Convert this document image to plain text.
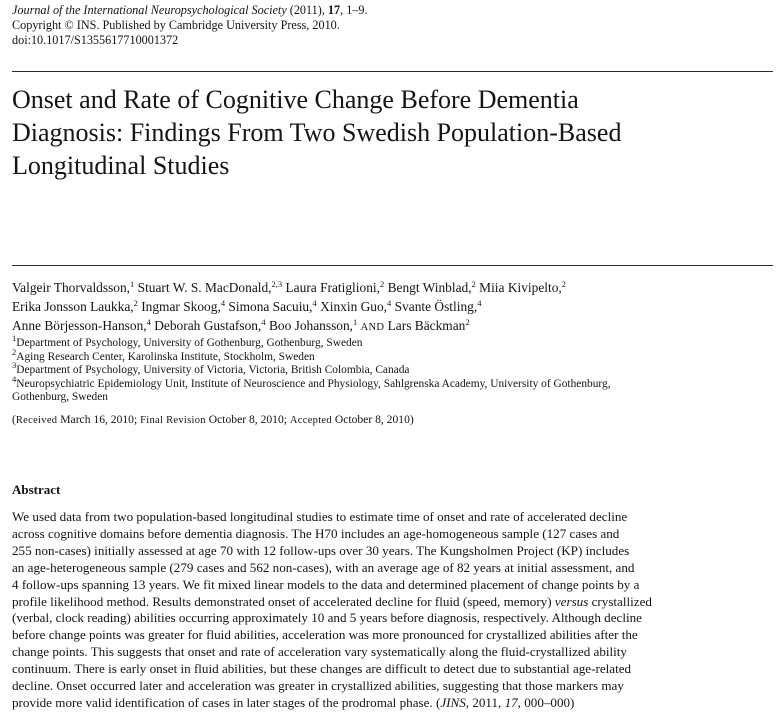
Journal of the International Neuropsychological Society (2011), 17, 1–9.
Copyright © INS. Published by Cambridge University Press, 2010.
doi:10.1017/S1355617710001372
Onset and Rate of Cognitive Change Before Dementia
Diagnosis: Findings From Two Swedish Population-Based
Longitudinal Studies
Valgeir Thorvaldsson,$^1$ Stuart W. S. MacDonald,$^{2,3}$ Laura Fratiglioni,$^2$ Bengt Winblad,$^2$ Miia Kivipelto,$^2$
Erika Jonsson Laukka,$^2$ Ingmar Skoog,$^4$ Simona Sacuiu,$^4$ Xinxin Guo,$^4$ Svante Östling,$^4$
Anne Börjesson-Hanson,$^4$ Deborah Gustafson,$^4$ Boo Johansson,$^1$ AND Lars Bäckman$^2$
$^1$Department of Psychology, University of Gothenburg, Gothenburg, Sweden
$^2$Aging Research Center, Karolinska Institute, Stockholm, Sweden
$^3$Department of Psychology, University of Victoria, Victoria, British Colombia, Canada
$^4$Neuropsychiatric Epidemiology Unit, Institute of Neuroscience and Physiology, Sahlgrenska Academy, University of Gothenburg,
Gothenburg, Sweden
(Received March 16, 2010; Final Revision October 8, 2010; Accepted October 8, 2010)
Abstract
We used data from two population-based longitudinal studies to estimate time of onset and rate of accelerated decline
across cognitive domains before dementia diagnosis. The H70 includes an age-homogeneous sample (127 cases and
255 non-cases) initially assessed at age 70 with 12 follow-ups over 30 years. The Kungsholmen Project (KP) includes
an age-heterogeneous sample (279 cases and 562 non-cases), with an average age of 82 years at initial assessment, and
4 follow-ups spanning 13 years. We fit mixed linear models to the data and determined placement of change points by a
profile likelihood method. Results demonstrated onset of accelerated decline for fluid (speed, memory) versus crystallized
(verbal, clock reading) abilities occurring approximately 10 and 5 years before diagnosis, respectively. Although decline
before change points was greater for fluid abilities, acceleration was more pronounced for crystallized abilities after the
change points. This suggests that onset and rate of acceleration vary systematically along the fluid-crystallized ability
continuum. There is early onset in fluid abilities, but these changes are difficult to detect due to substantial age-related
decline. Onset occurred later and acceleration was greater in crystallized abilities, suggesting that those markers may
provide more valid identification of cases in later stages of the prodromal phase. (JINS, 2011, 17, 000–000)
